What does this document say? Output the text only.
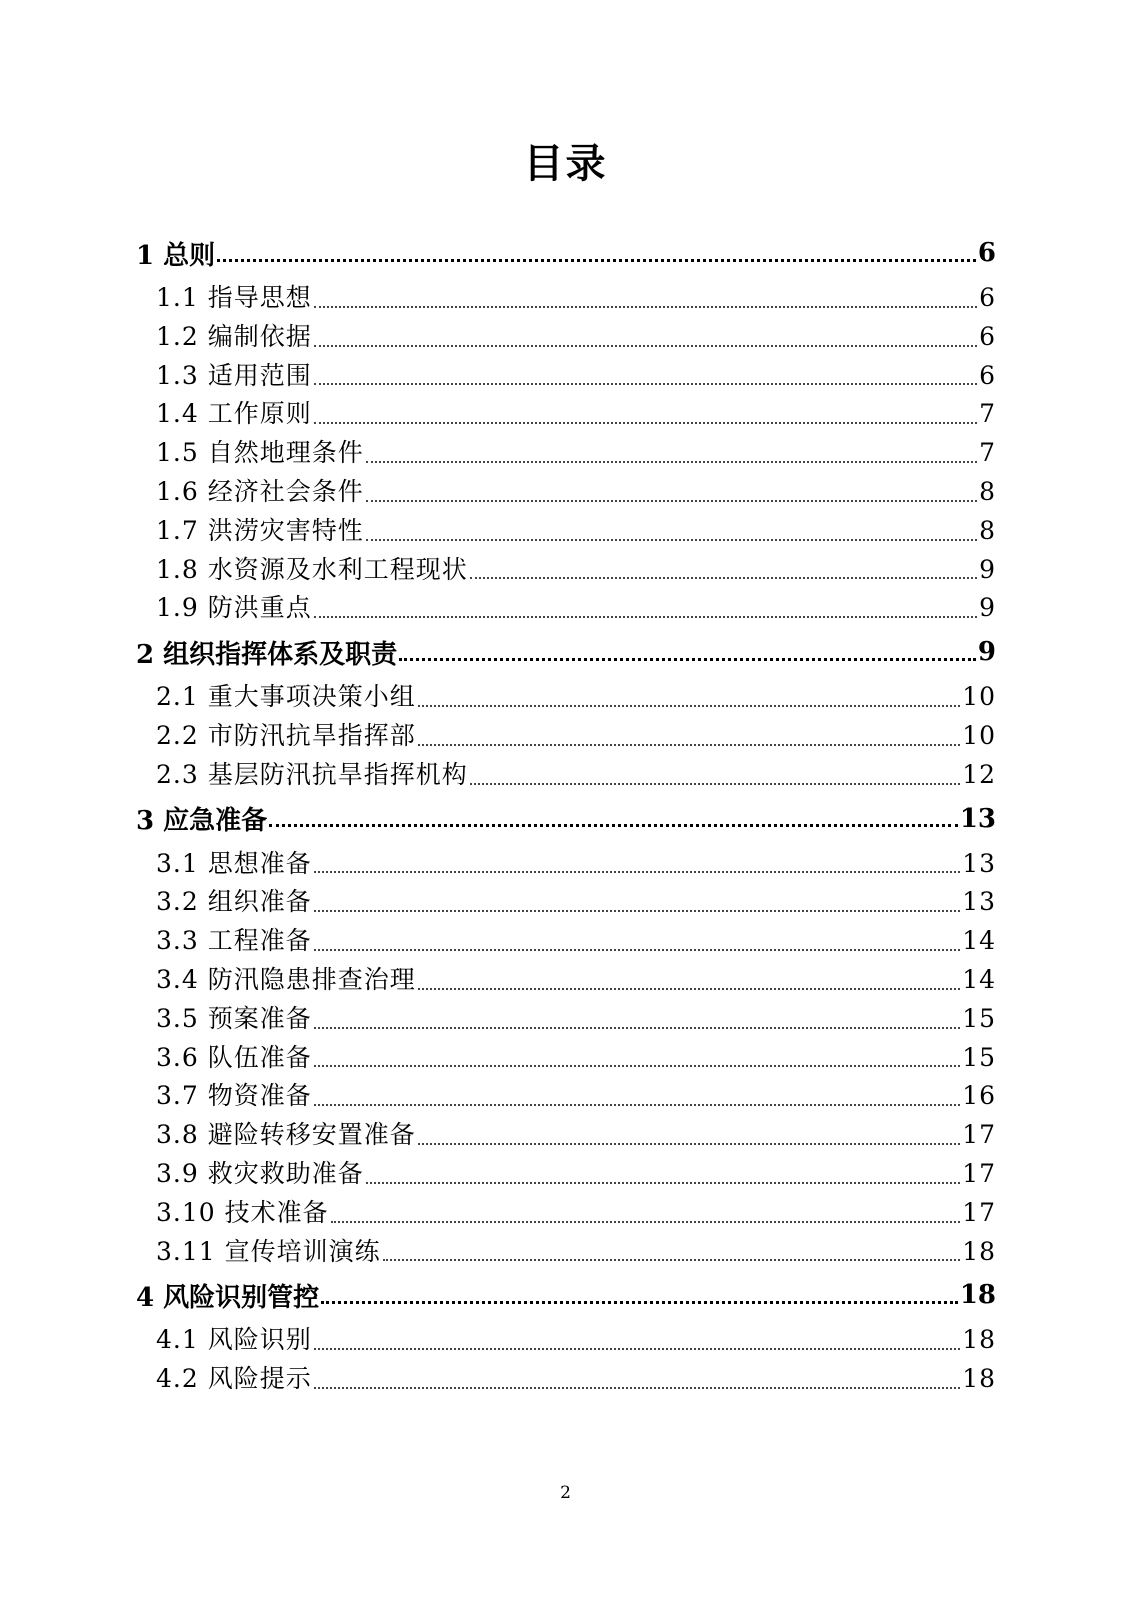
目录
1 总则	6
1.1 指导思想	6
1.2 编制依据	6
1.3 适用范围	6
1.4 工作原则	7
1.5 自然地理条件	7
1.6 经济社会条件	8
1.7 洪涝灾害特性	8
1.8 水资源及水利工程现状	9
1.9 防洪重点	9
2 组织指挥体系及职责	9
2.1 重大事项决策小组	10
2.2 市防汛抗旱指挥部	10
2.3 基层防汛抗旱指挥机构	12
3 应急准备	13
3.1 思想准备	13
3.2 组织准备	13
3.3 工程准备	14
3.4 防汛隐患排查治理	14
3.5 预案准备	15
3.6 队伍准备	15
3.7 物资准备	16
3.8 避险转移安置准备	17
3.9 救灾救助准备	17
3.10 技术准备	17
3.11 宣传培训演练	18
4 风险识别管控	18
4.1 风险识别	18
4.2 风险提示	18
2
